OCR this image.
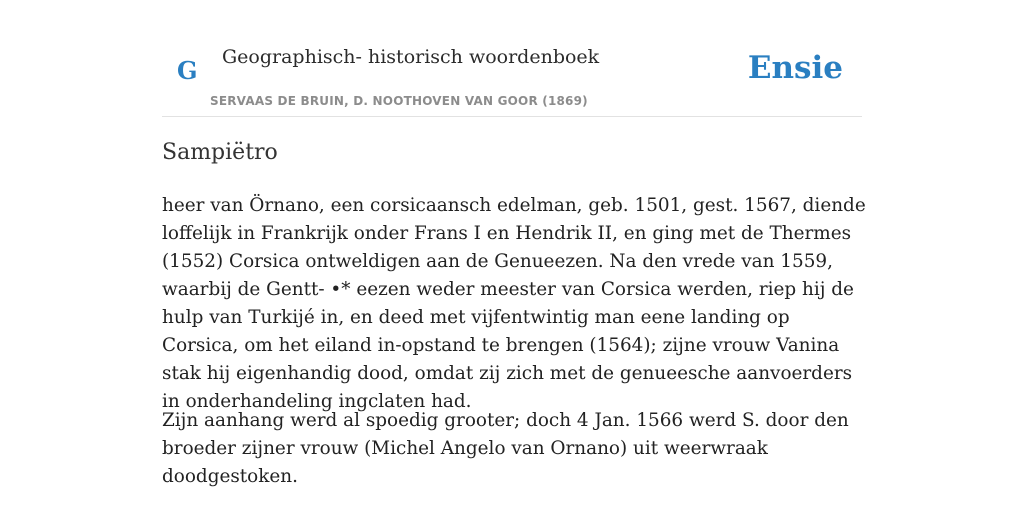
G Geographisch- historisch woordenboek
SERVAAS DE BRUIN, D. NOOTHOVEN VAN GOOR (1869)
Ensie
Sampiëtro

heer van Örnano, een corsicaansch edelman, geb. 1501, gest. 1567, diende loffelijk in Frankrijk onder Frans I en Hendrik II, en ging met de Thermes (1552) Corsica ontweldigen aan de Genueezen. Na den vrede van 1559, waarbij de Gentt- •* eezen weder meester van Corsica werden, riep hij de hulp van Turkijé in, en deed met vijfentwintig man eene landing op Corsica, om het eiland in-opstand te brengen (1564); zijne vrouw Vanina stak hij eigenhandig dood, omdat zij zich met de genueesche aanvoerders in onderhandeling ingclaten had.

Zijn aanhang werd al spoedig grooter; doch 4 Jan. 1566 werd S. door den broeder zijner vrouw (Michel Angelo van Ornano) uit weerwraak doodgestoken.
